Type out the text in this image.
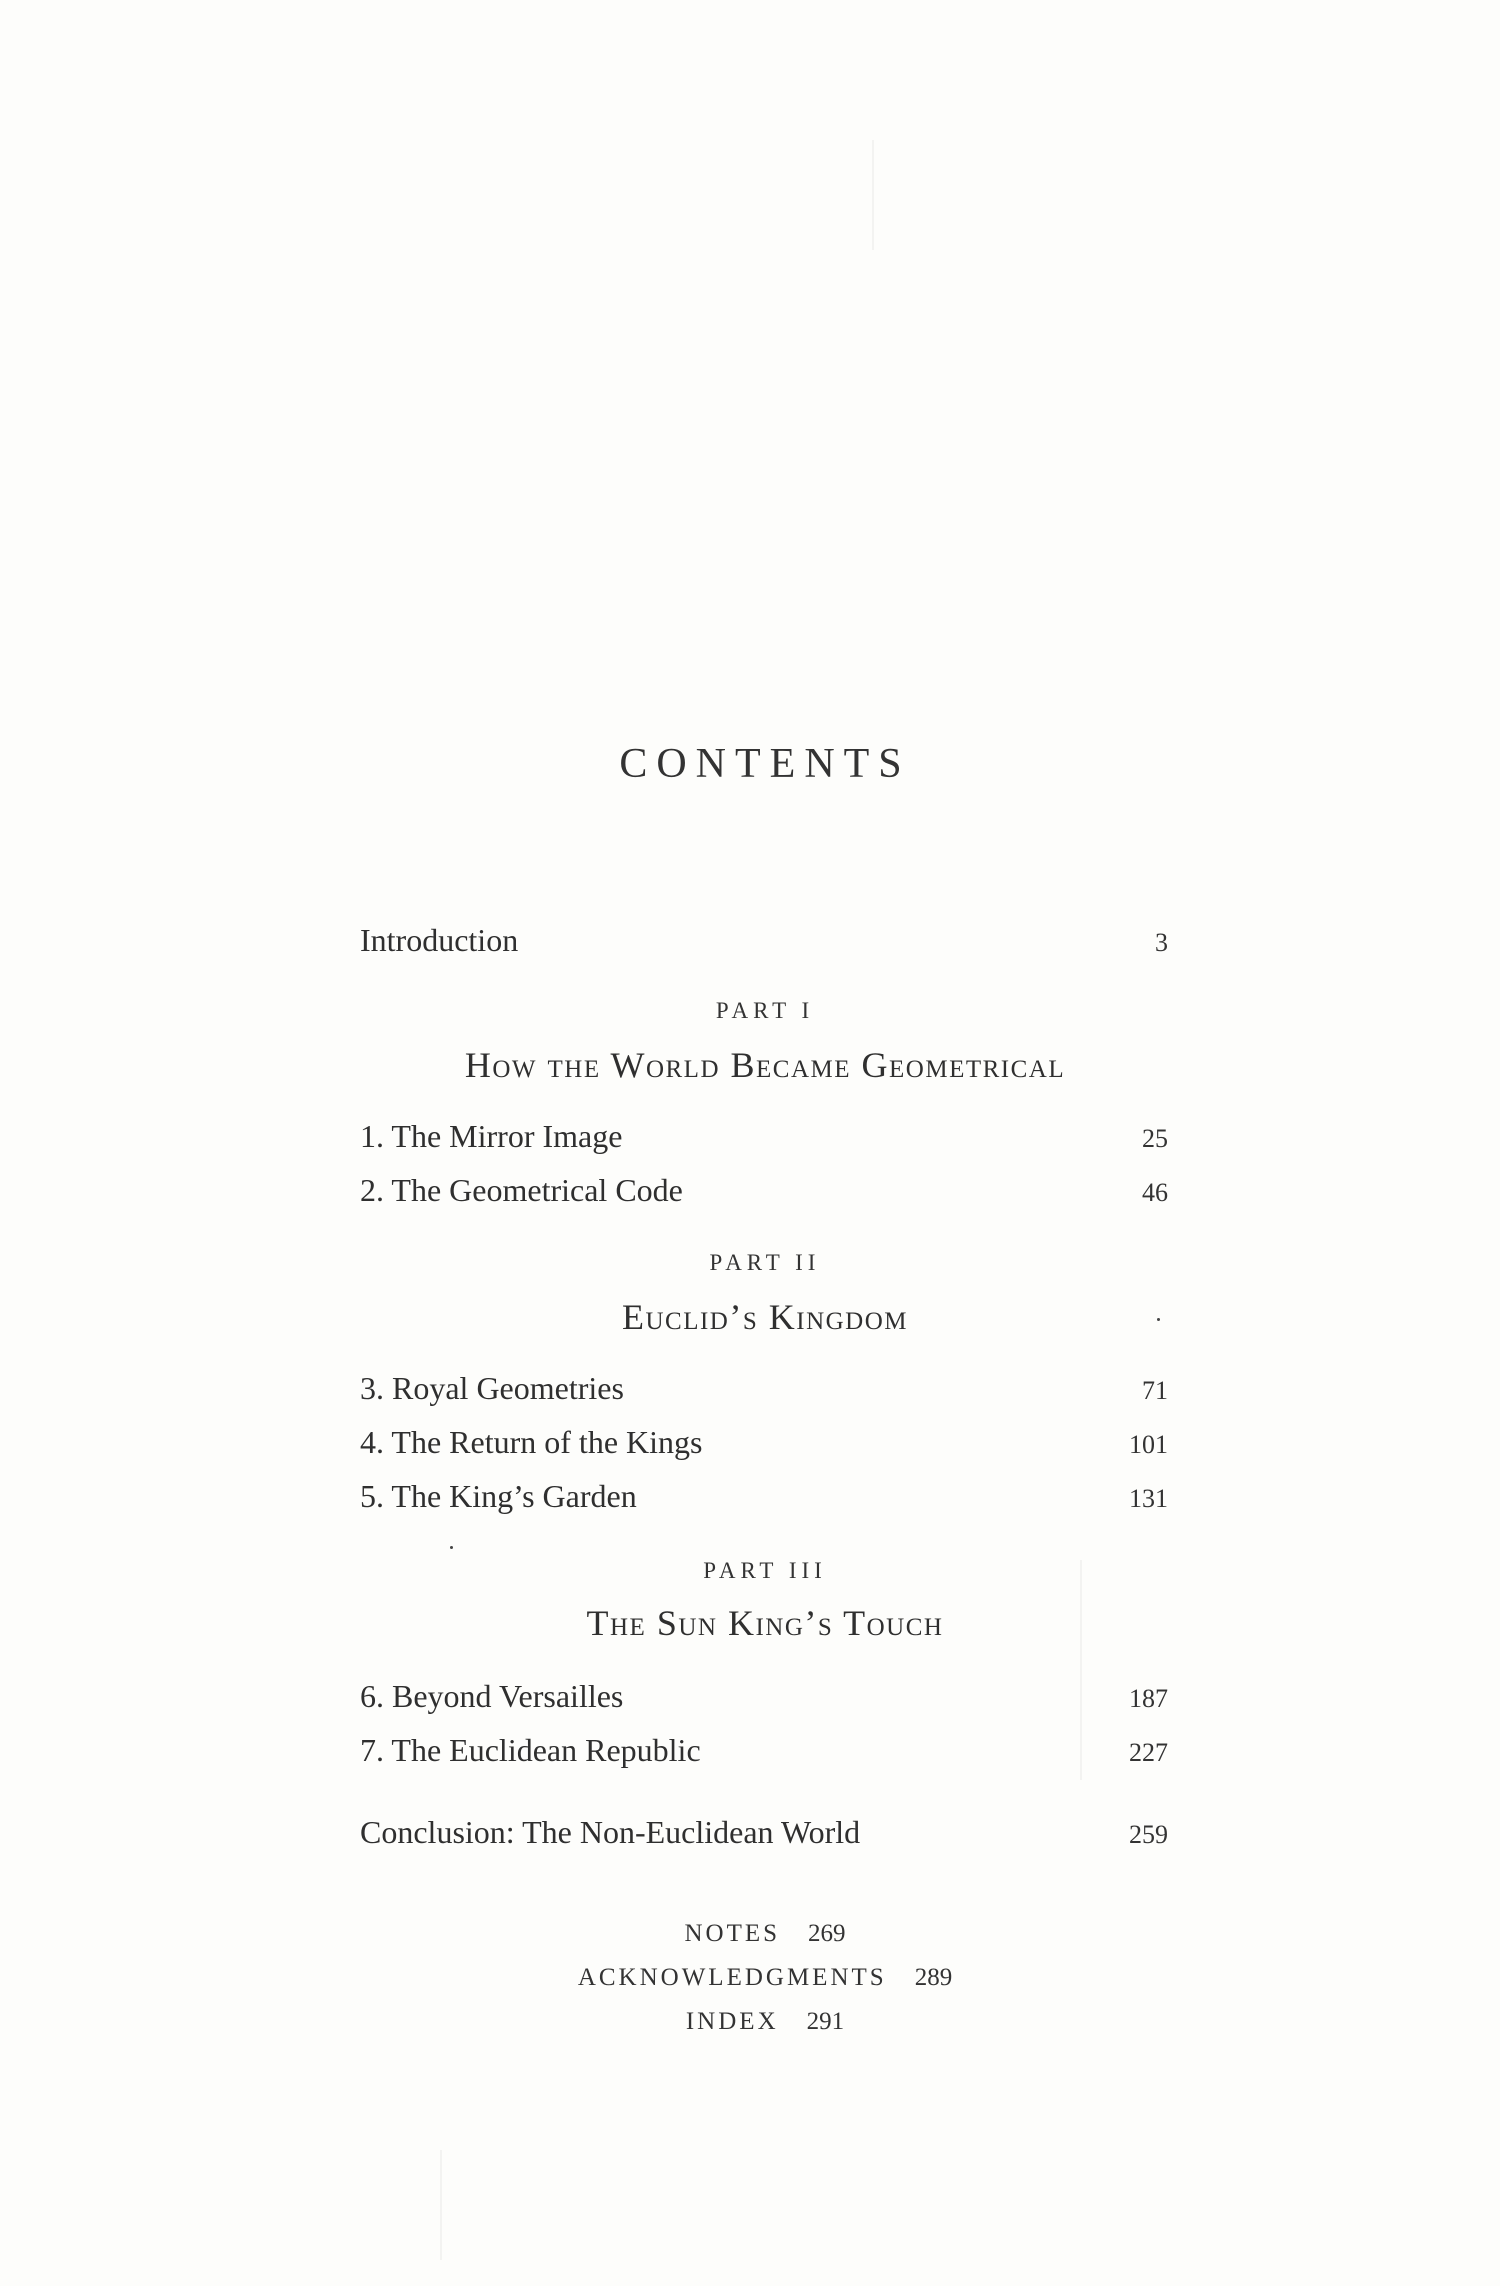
CONTENTS
Introduction	3
PART I
How the World Became Geometrical
1. The Mirror Image	25
2. The Geometrical Code	46
PART II
Euclid’s Kingdom
3. Royal Geometries	71
4. The Return of the Kings	101
5. The King’s Garden	131
PART III
The Sun King’s Touch
6. Beyond Versailles	187
7. The Euclidean Republic	227
Conclusion: The Non-Euclidean World	259
NOTES 269
ACKNOWLEDGMENTS 289
INDEX 291
